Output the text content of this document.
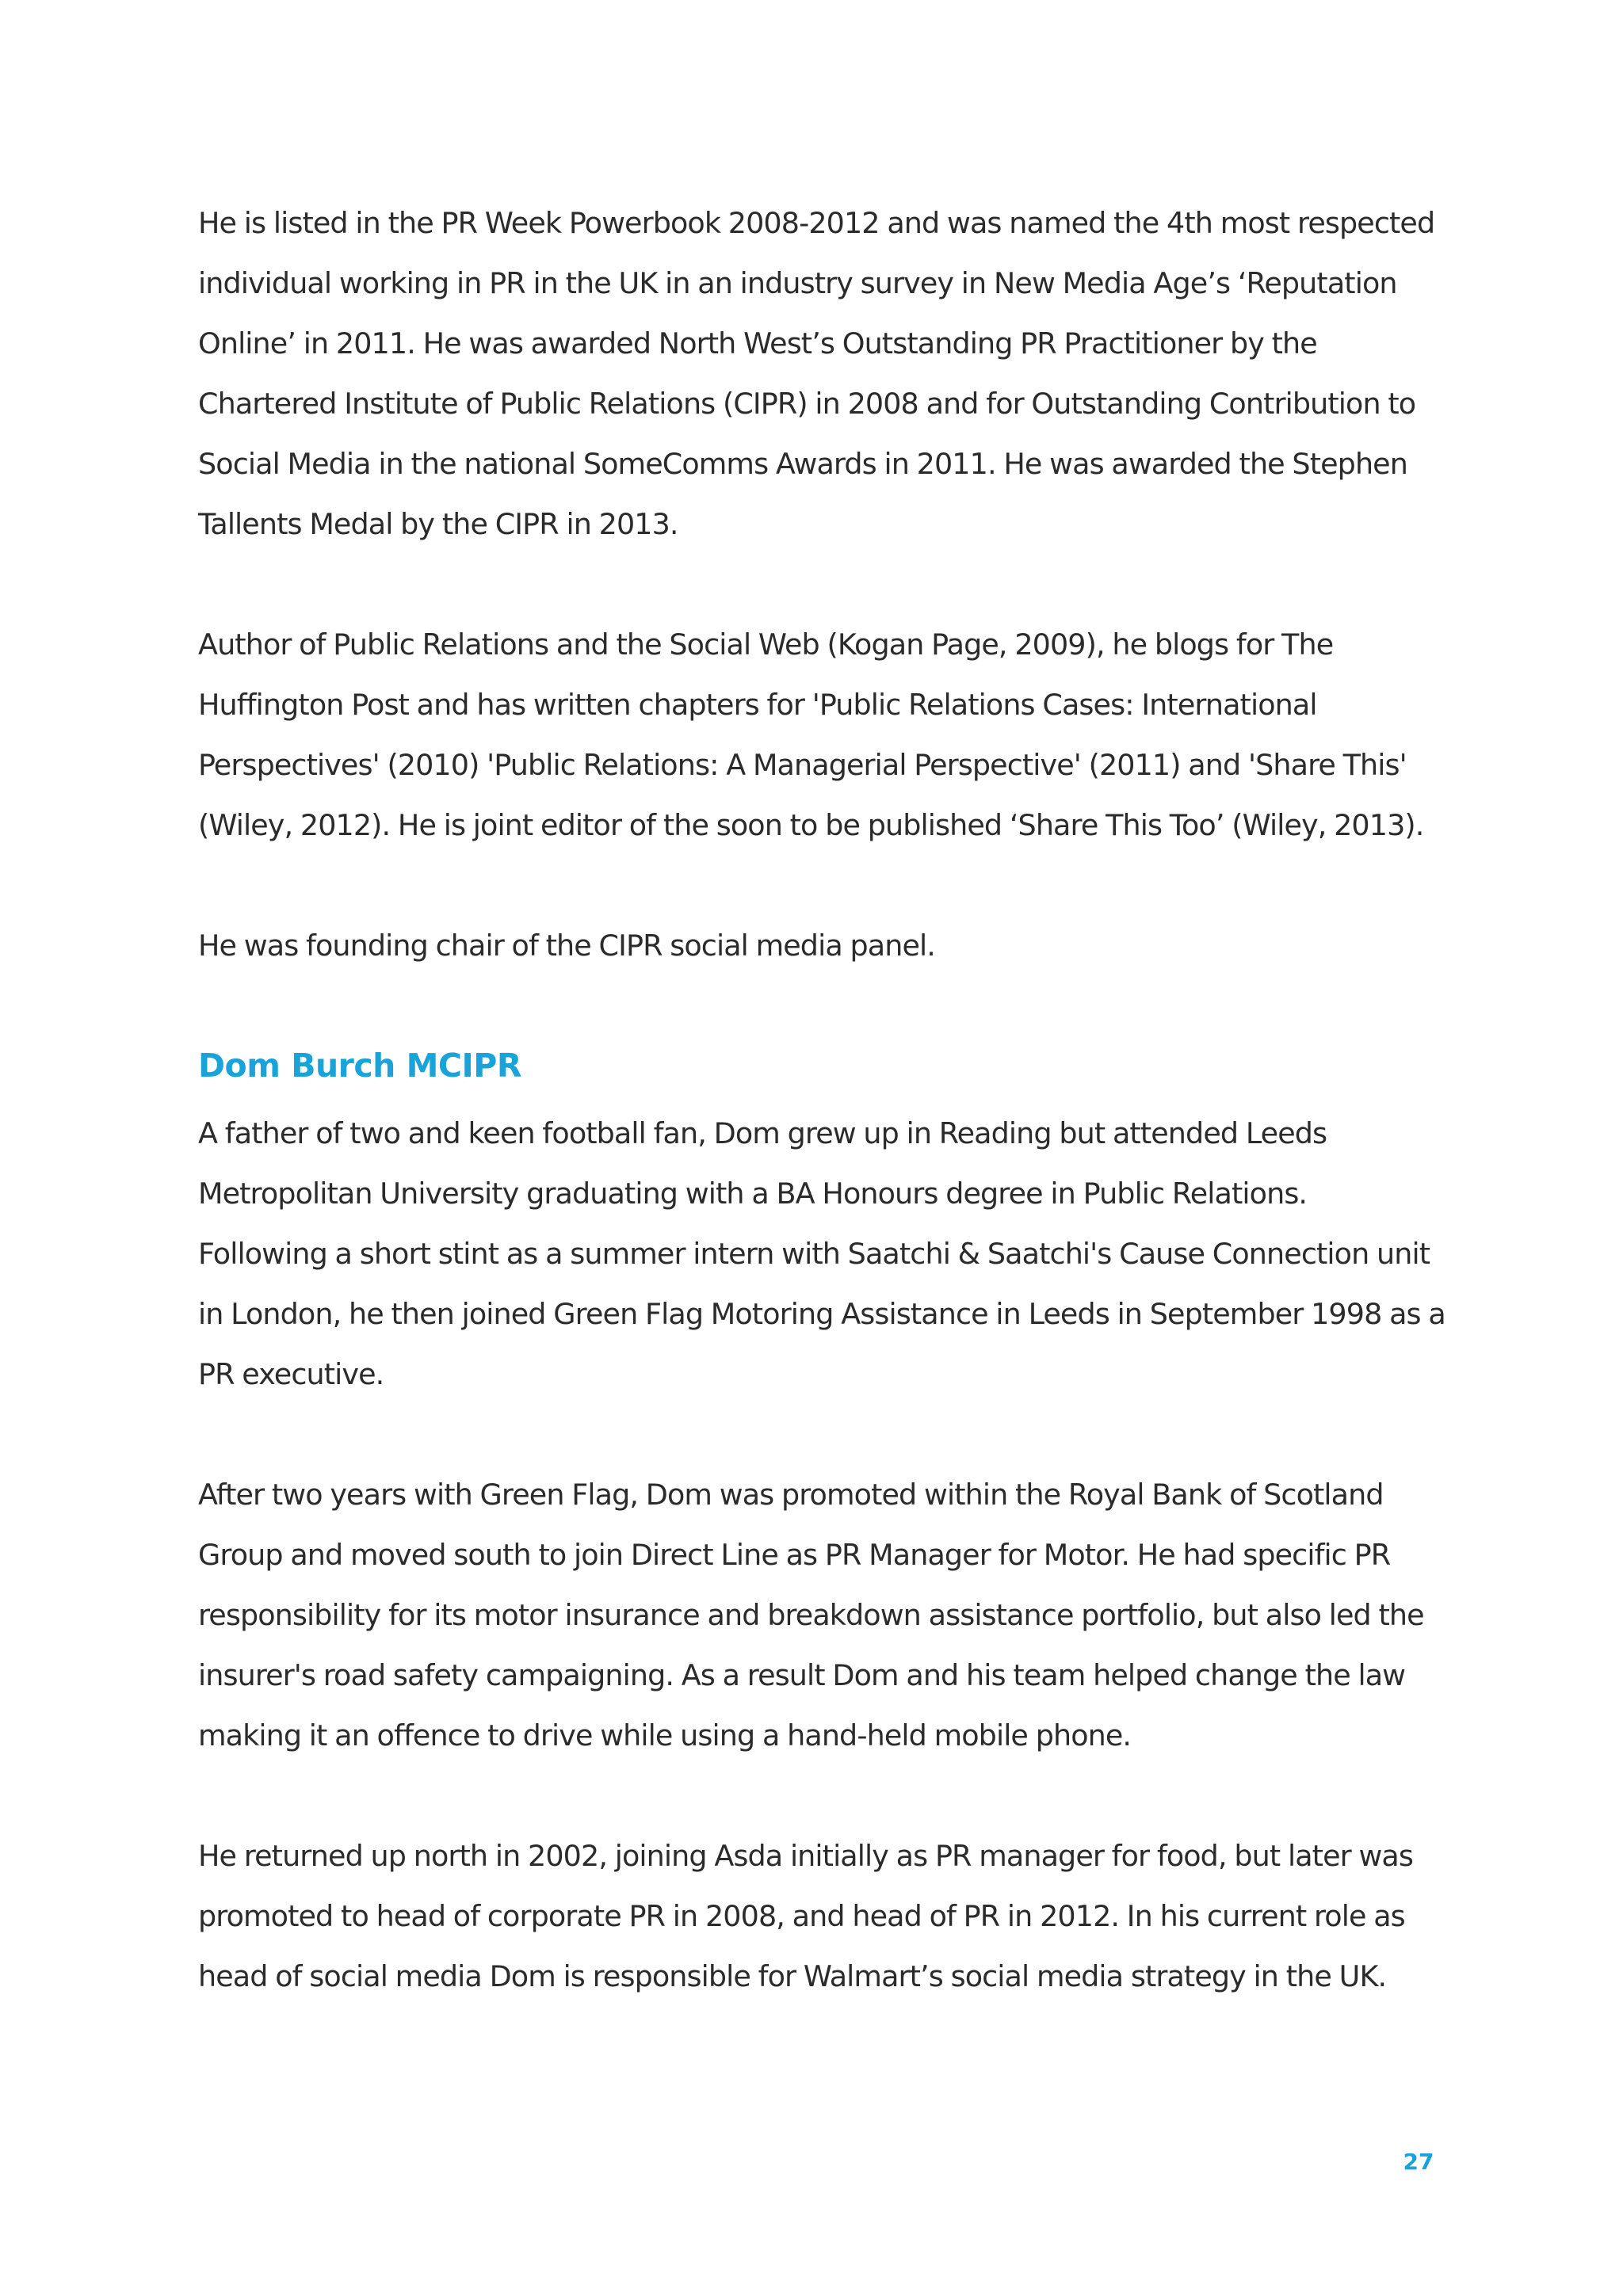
He is listed in the PR Week Powerbook 2008-2012 and was named the 4th most respected
individual working in PR in the UK in an industry survey in New Media Age’s ‘Reputation
Online’ in 2011. He was awarded North West’s Outstanding PR Practitioner by the
Chartered Institute of Public Relations (CIPR) in 2008 and for Outstanding Contribution to
Social Media in the national SomeComms Awards in 2011. He was awarded the Stephen
Tallents Medal by the CIPR in 2013.

Author of Public Relations and the Social Web (Kogan Page, 2009), he blogs for The
Huffington Post and has written chapters for 'Public Relations Cases: International
Perspectives' (2010) 'Public Relations: A Managerial Perspective' (2011) and 'Share This'
(Wiley, 2012). He is joint editor of the soon to be published ‘Share This Too’ (Wiley, 2013).

He was founding chair of the CIPR social media panel.

Dom Burch MCIPR

A father of two and keen football fan, Dom grew up in Reading but attended Leeds
Metropolitan University graduating with a BA Honours degree in Public Relations.
Following a short stint as a summer intern with Saatchi & Saatchi's Cause Connection unit
in London, he then joined Green Flag Motoring Assistance in Leeds in September 1998 as a
PR executive.

After two years with Green Flag, Dom was promoted within the Royal Bank of Scotland
Group and moved south to join Direct Line as PR Manager for Motor. He had specific PR
responsibility for its motor insurance and breakdown assistance portfolio, but also led the
insurer's road safety campaigning. As a result Dom and his team helped change the law
making it an offence to drive while using a hand-held mobile phone.

He returned up north in 2002, joining Asda initially as PR manager for food, but later was
promoted to head of corporate PR in 2008, and head of PR in 2012. In his current role as
head of social media Dom is responsible for Walmart’s social media strategy in the UK.

27
